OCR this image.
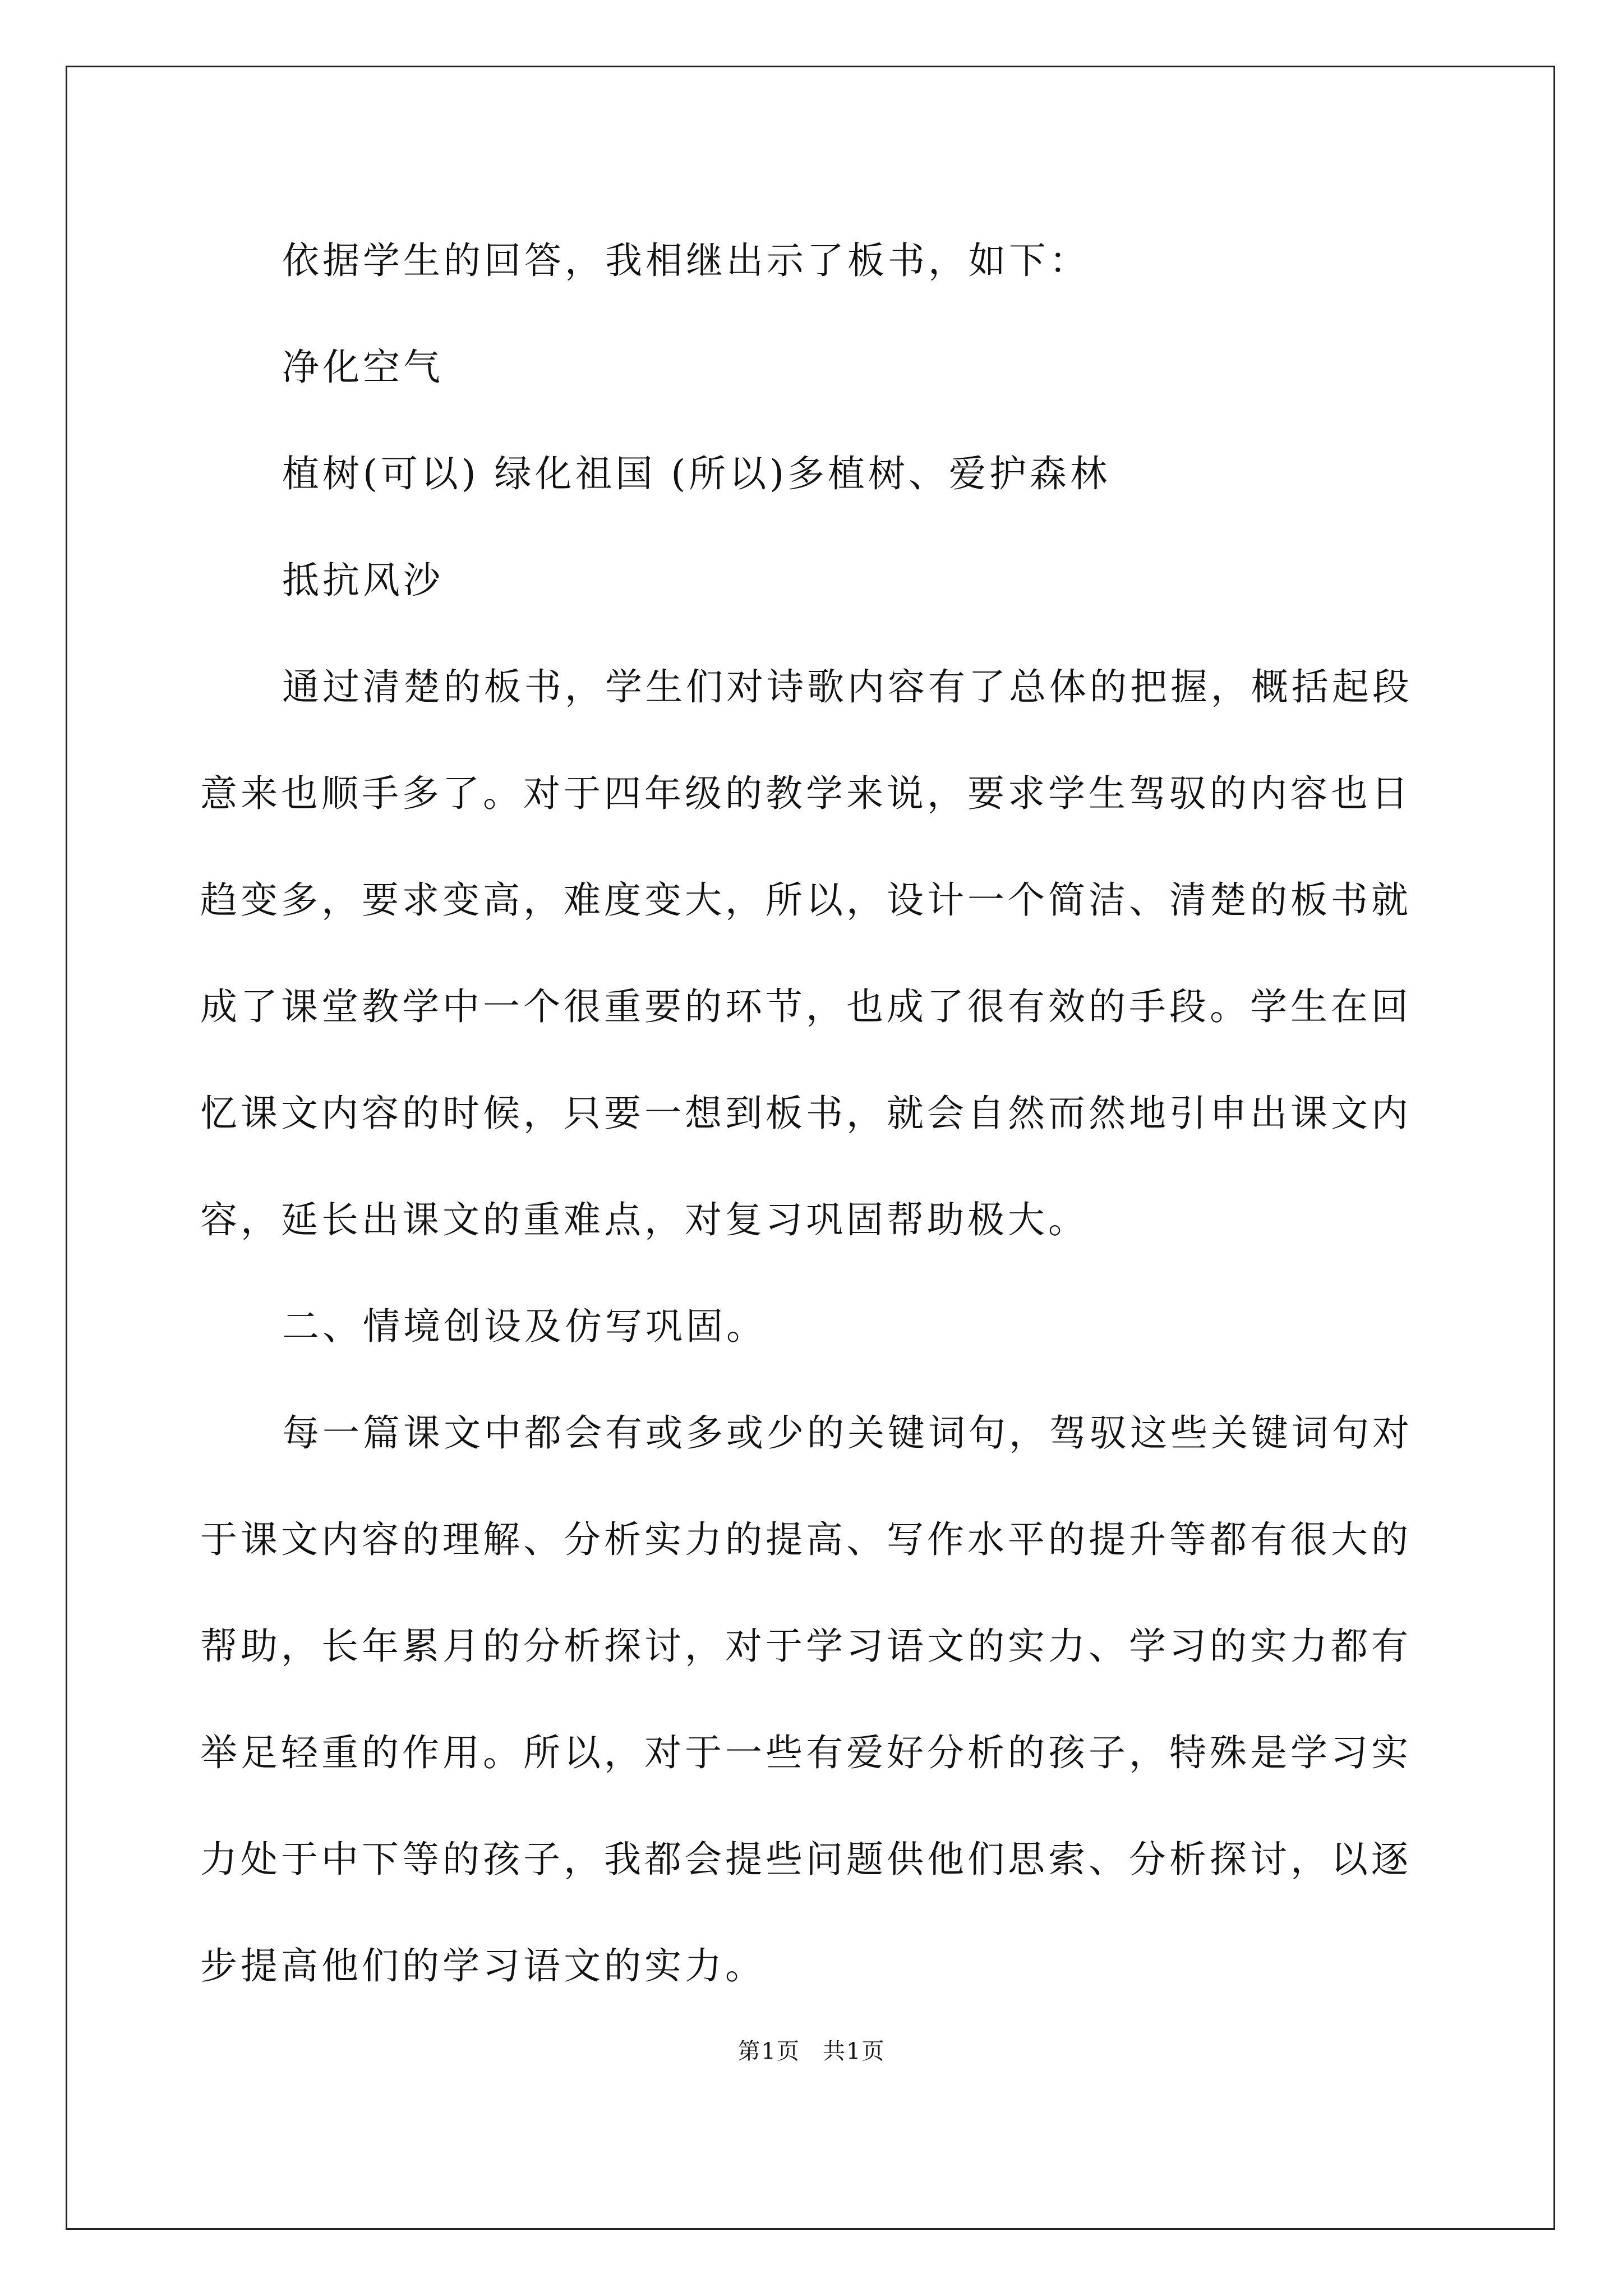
依据学生的回答，我相继出示了板书，如下：
净化空气
植树(可以) 绿化祖国 (所以)多植树、爱护森林
抵抗风沙
通过清楚的板书，学生们对诗歌内容有了总体的把握，概括起段
意来也顺手多了。对于四年级的教学来说，要求学生驾驭的内容也日
趋变多，要求变高，难度变大，所以，设计一个简洁、清楚的板书就
成了课堂教学中一个很重要的环节，也成了很有效的手段。学生在回
忆课文内容的时候，只要一想到板书，就会自然而然地引申出课文内
容，延长出课文的重难点，对复习巩固帮助极大。
二、情境创设及仿写巩固。
每一篇课文中都会有或多或少的关键词句，驾驭这些关键词句对
于课文内容的理解、分析实力的提高、写作水平的提升等都有很大的
帮助，长年累月的分析探讨，对于学习语文的实力、学习的实力都有
举足轻重的作用。所以，对于一些有爱好分析的孩子，特殊是学习实
力处于中下等的孩子，我都会提些问题供他们思索、分析探讨，以逐
步提高他们的学习语文的实力。
第1页 共1页
